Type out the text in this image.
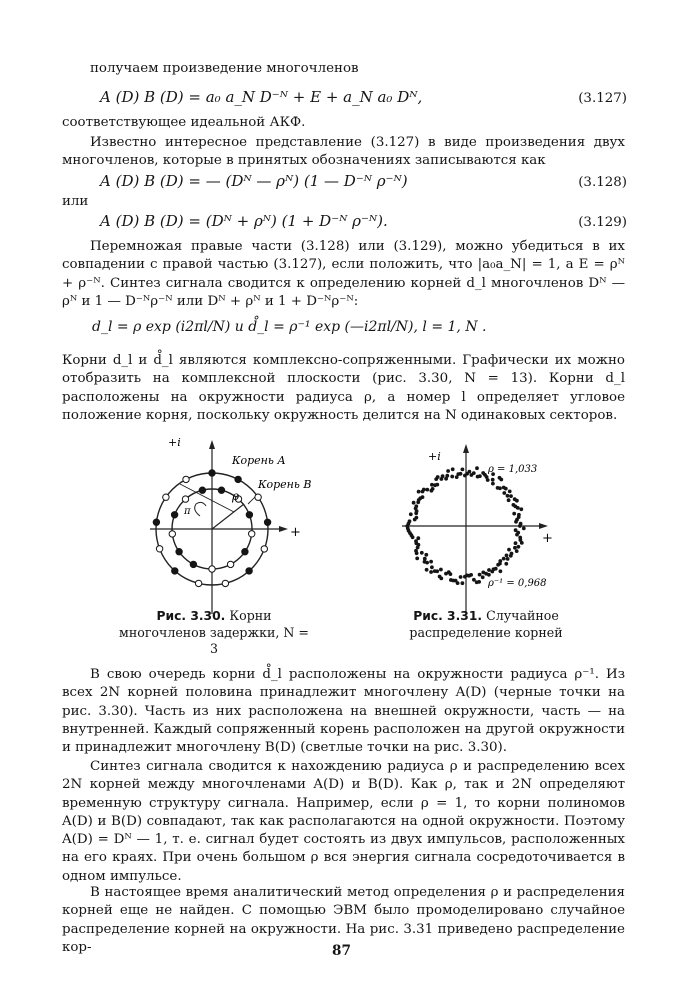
получаем произведение многочленов

A (D) B (D) = a₀ a_N D⁻ᴺ + E + a_N a₀ Dᴺ,	(3.127)

соответствующее идеальной АКФ.

Известно интересное представление (3.127) в виде произведения двух многочленов, которые в принятых обозначениях записываются как

A (D) B (D) = — (Dᴺ — ρᴺ) (1 — D⁻ᴺ ρ⁻ᴺ)	(3.128)
или
A (D) B (D) = (Dᴺ + ρᴺ) (1 + D⁻ᴺ ρ⁻ᴺ).	(3.129)

Перемножая правые части (3.128) или (3.129), можно убедиться в их совпадении с правой частью (3.127), если положить, что |a₀a_N| = 1, а E = ρᴺ + ρ⁻ᴺ. Синтез сигнала сводится к определению корней d_l многочленов Dᴺ — ρᴺ и 1 — D⁻ᴺρ⁻ᴺ или Dᴺ + ρᴺ и 1 + D⁻ᴺρ⁻ᴺ:

d_l = ρ exp (i2πl/N) и d̊_l = ρ⁻¹ exp (—i2πl/N), l = 1, N .

Корни d_l и d̊_l являются комплексно-сопряженными. Графически их можно отобразить на комплексной плоскости (рис. 3.30, N = 13). Корни d_l расположены на окружности радиуса ρ, а номер l определяет угловое положение корня, поскольку окружность делится на N одинаковых секторов.

+i
+
Корень А
Корень В
ρ
π
Рис. 3.30. Корни многочленов задержки, N = 3
+i
+
ρ = 1,033
ρ⁻¹ = 0,968
Рис. 3.31. Случайное распределение корней

В свою очередь корни d̊_l расположены на окружности радиуса ρ⁻¹. Из всех 2N корней половина принадлежит многочлену A(D) (черные точки на рис. 3.30). Часть из них расположена на внешней окружности, часть — на внутренней. Каждый сопряженный корень расположен на другой окружности и принадлежит многочлену B(D) (светлые точки на рис. 3.30).

Синтез сигнала сводится к нахождению радиуса ρ и распределению всех 2N корней между многочленами A(D) и B(D). Как ρ, так и 2N определяют временную структуру сигнала. Например, если ρ = 1, то корни полиномов A(D) и B(D) совпадают, так как располагаются на одной окружности. Поэтому A(D) = Dᴺ — 1, т. е. сигнал будет состоять из двух импульсов, расположенных на его краях. При очень большом ρ вся энергия сигнала сосредоточивается в одном импульсе.

В настоящее время аналитический метод определения ρ и распределения корней еще не найден. С помощью ЭВМ было промоделировано случайное распределение корней на окружности. На рис. 3.31 приведено распределение кор-	87
